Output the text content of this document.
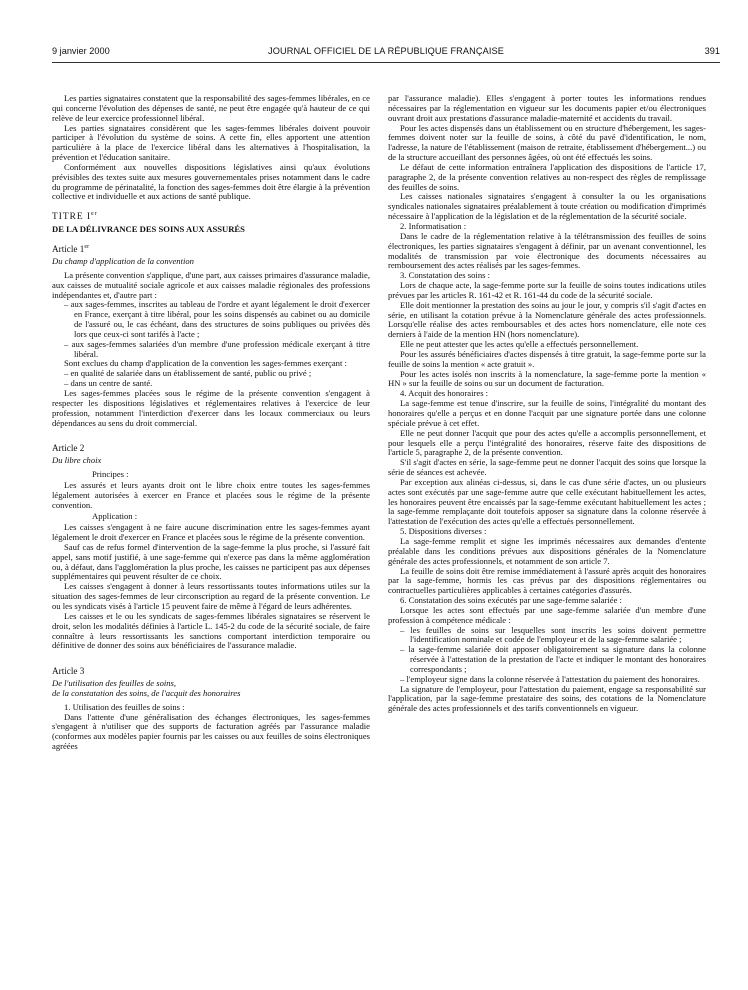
9 janvier 2000	JOURNAL OFFICIEL DE LA RÉPUBLIQUE FRANÇAISE	391

Les parties signataires constatent que la responsabilité des sages-femmes libérales, en ce qui concerne l'évolution des dépenses de santé, ne peut être engagée qu'à hauteur de ce qui relève de leur exercice professionnel libéral.

Les parties signataires considèrent que les sages-femmes libérales doivent pouvoir participer à l'évolution du système de soins. A cette fin, elles apportent une attention particulière à la place de l'exercice libéral dans les alternatives à l'hospitalisation, la prévention et l'éducation sanitaire.

Conformément aux nouvelles dispositions législatives ainsi qu'aux évolutions prévisibles des textes suite aux mesures gouvernementales prises notamment dans le cadre du programme de périnatalité, la fonction des sages-femmes doit être élargie à la prévention collective et individuelle et aux actions de santé publique.

TITRE Ier

DE LA DÉLIVRANCE DES SOINS AUX ASSURÉS

Article 1er

Du champ d'application de la convention

La présente convention s'applique, d'une part, aux caisses primaires d'assurance maladie, aux caisses de mutualité sociale agricole et aux caisses maladie régionales des professions indépendantes et, d'autre part :

– aux sages-femmes, inscrites au tableau de l'ordre et ayant légalement le droit d'exercer en France, exerçant à titre libéral, pour les soins dispensés au cabinet ou au domicile de l'assuré ou, le cas échéant, dans des structures de soins publiques ou privées dès lors que ceux-ci sont tarifés à l'acte ;
– aux sages-femmes salariées d'un membre d'une profession médicale exerçant à titre libéral.

Sont exclues du champ d'application de la convention les sages-femmes exerçant :

– en qualité de salariée dans un établissement de santé, public ou privé ;
– dans un centre de santé.

Les sages-femmes placées sous le régime de la présente convention s'engagent à respecter les dispositions législatives et réglementaires relatives à l'exercice de leur profession, notamment l'interdiction d'exercer dans les locaux commerciaux ou leurs dépendances au sens du droit commercial.

Article 2

Du libre choix

Principes :

Les assurés et leurs ayants droit ont le libre choix entre toutes les sages-femmes légalement autorisées à exercer en France et placées sous le régime de la présente convention.

Application :

Les caisses s'engagent à ne faire aucune discrimination entre les sages-femmes ayant légalement le droit d'exercer en France et placées sous le régime de la présente convention.

Sauf cas de refus formel d'intervention de la sage-femme la plus proche, si l'assuré fait appel, sans motif justifié, à une sage-femme qui n'exerce pas dans la même agglomération ou, à défaut, dans l'agglomération la plus proche, les caisses ne participent pas aux dépenses supplémentaires qui peuvent résulter de ce choix.

Les caisses s'engagent à donner à leurs ressortissants toutes informations utiles sur la situation des sages-femmes de leur circonscription au regard de la présente convention. Le ou les syndicats visés à l'article 15 peuvent faire de même à l'égard de leurs adhérentes.

Les caisses et le ou les syndicats de sages-femmes libérales signataires se réservent le droit, selon les modalités définies à l'article L. 145-2 du code de la sécurité sociale, de faire connaître à leurs ressortissants les sanctions comportant interdiction temporaire ou définitive de donner des soins aux bénéficiaires de l'assurance maladie.

Article 3

De l'utilisation des feuilles de soins,

de la constatation des soins, de l'acquit des honoraires

1. Utilisation des feuilles de soins :

Dans l'attente d'une généralisation des échanges électroniques, les sages-femmes s'engagent à n'utiliser que des supports de facturation agréés par l'assurance maladie (conformes aux modèles papier fournis par les caisses ou aux feuilles de soins électroniques agréées

par l'assurance maladie). Elles s'engagent à porter toutes les informations rendues nécessaires par la réglementation en vigueur sur les documents papier et/ou électroniques ouvrant droit aux prestations d'assurance maladie-maternité et accidents du travail.

Pour les actes dispensés dans un établissement ou en structure d'hébergement, les sages-femmes doivent noter sur la feuille de soins, à côté du pavé d'identification, le nom, l'adresse, la nature de l'établissement (maison de retraite, établissement d'hébergement...) ou de la structure accueillant des personnes âgées, où ont été effectués les soins.

Le défaut de cette information entraînera l'application des dispositions de l'article 17, paragraphe 2, de la présente convention relatives au non-respect des règles de remplissage des feuilles de soins.

Les caisses nationales signataires s'engagent à consulter la ou les organisations syndicales nationales signataires préalablement à toute création ou modification d'imprimés nécessaire à l'application de la législation et de la réglementation de la sécurité sociale.

2. Informatisation :

Dans le cadre de la réglementation relative à la télétransmission des feuilles de soins électroniques, les parties signataires s'engagent à définir, par un avenant conventionnel, les modalités de transmission par voie électronique des documents nécessaires au remboursement des actes réalisés par les sages-femmes.

3. Constatation des soins :

Lors de chaque acte, la sage-femme porte sur la feuille de soins toutes indications utiles prévues par les articles R. 161-42 et R. 161-44 du code de la sécurité sociale.

Elle doit mentionner la prestation des soins au jour le jour, y compris s'il s'agit d'actes en série, en utilisant la cotation prévue à la Nomenclature générale des actes professionnels. Lorsqu'elle réalise des actes remboursables et des actes hors nomenclature, elle note ces derniers à l'aide de la mention HN (hors nomenclature).

Elle ne peut attester que les actes qu'elle a effectués personnellement.

Pour les assurés bénéficiaires d'actes dispensés à titre gratuit, la sage-femme porte sur la feuille de soins la mention « acte gratuit ».

Pour les actes isolés non inscrits à la nomenclature, la sage-femme porte la mention « HN » sur la feuille de soins ou sur un document de facturation.

4. Acquit des honoraires :

La sage-femme est tenue d'inscrire, sur la feuille de soins, l'intégralité du montant des honoraires qu'elle a perçus et en donne l'acquit par une signature portée dans une colonne spéciale prévue à cet effet.

Elle ne peut donner l'acquit que pour des actes qu'elle a accomplis personnellement, et pour lesquels elle a perçu l'intégralité des honoraires, réserve faite des dispositions de l'article 5, paragraphe 2, de la présente convention.

S'il s'agit d'actes en série, la sage-femme peut ne donner l'acquit des soins que lorsque la série de séances est achevée.

Par exception aux alinéas ci-dessus, si, dans le cas d'une série d'actes, un ou plusieurs actes sont exécutés par une sage-femme autre que celle exécutant habituellement les actes, les honoraires peuvent être encaissés par la sage-femme exécutant habituellement les actes ; la sage-femme remplaçante doit toutefois apposer sa signature dans la colonne réservée à l'attestation de l'exécution des actes qu'elle a effectués personnellement.

5. Dispositions diverses :

La sage-femme remplit et signe les imprimés nécessaires aux demandes d'entente préalable dans les conditions prévues aux dispositions générales de la Nomenclature générale des actes professionnels, et notamment de son article 7.

La feuille de soins doit être remise immédiatement à l'assuré après acquit des honoraires par la sage-femme, hormis les cas prévus par des dispositions réglementaires ou contractuelles particulières applicables à certaines catégories d'assurés.

6. Constatation des soins exécutés par une sage-femme salariée :

Lorsque les actes sont effectués par une sage-femme salariée d'un membre d'une profession à compétence médicale :

– les feuilles de soins sur lesquelles sont inscrits les soins doivent permettre l'identification nominale et codée de l'employeur et de la sage-femme salariée ;
– la sage-femme salariée doit apposer obligatoirement sa signature dans la colonne réservée à l'attestation de la prestation de l'acte et indiquer le montant des honoraires correspondants ;
– l'employeur signe dans la colonne réservée à l'attestation du paiement des honoraires.

La signature de l'employeur, pour l'attestation du paiement, engage sa responsabilité sur l'application, par la sage-femme prestataire des soins, des cotations de la Nomenclature générale des actes professionnels et des tarifs conventionnels en vigueur.
